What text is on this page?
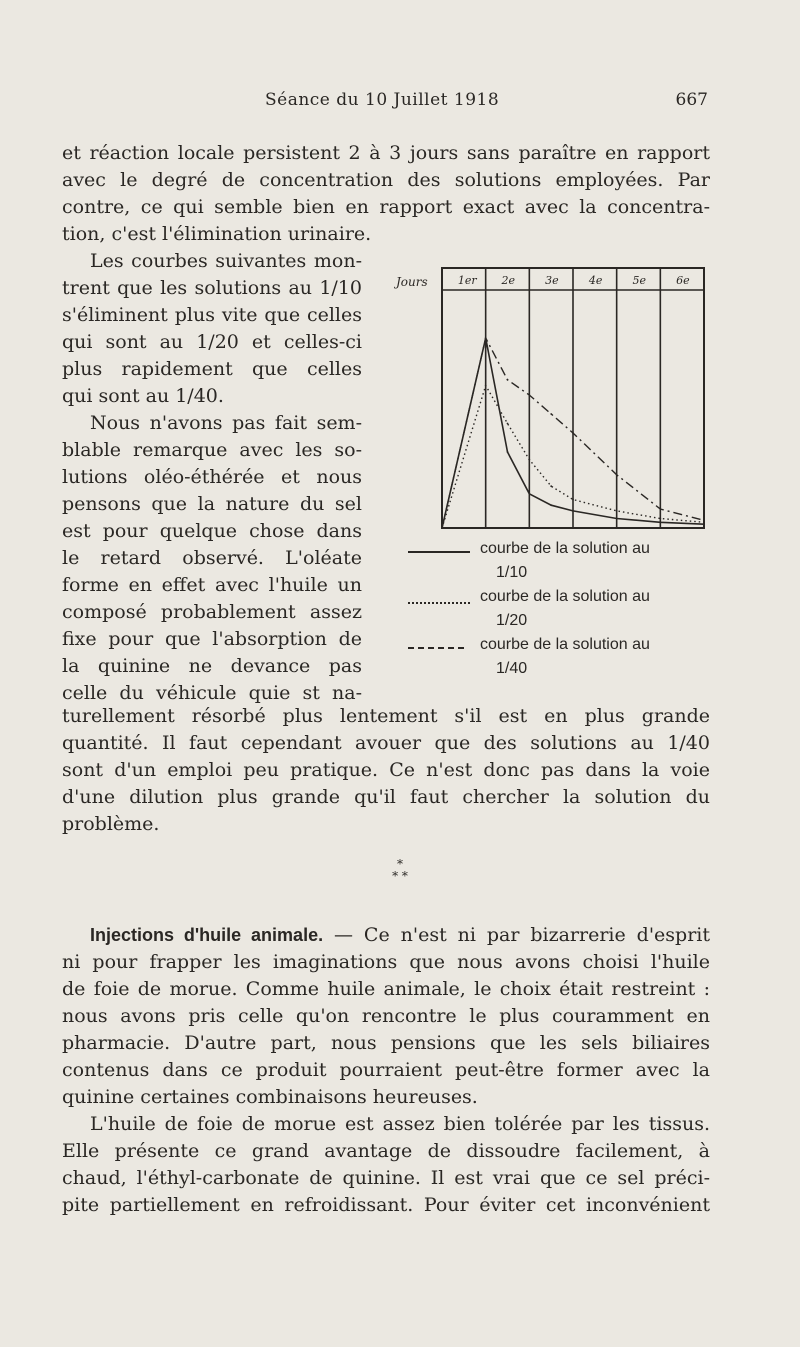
Séance du 10 Juillet 1918	667
et réaction locale persistent 2 à 3 jours sans paraître en rapport
avec le degré de concentration des solutions employées. Par
contre, ce qui semble bien en rapport exact avec la concentra-
tion, c'est l'élimination urinaire.
Les courbes suivantes mon-
trent que les solutions au 1/10
s'éliminent plus vite que celles
qui sont au 1/20 et celles-ci
plus rapidement que celles
qui sont au 1/40.
Nous n'avons pas fait sem-
blable remarque avec les so-
lutions oléo-éthérée et nous
pensons que la nature du sel
est pour quelque chose dans
le retard observé. L'oléate
forme en effet avec l'huile un
composé probablement assez
fixe pour que l'absorption de
la quinine ne devance pas
celle du véhicule quie st na-
1er 2e	3e	4e	5e	6e
Jours
courbe de la solution au
1/10
courbe de la solution au
1/20
courbe de la solution au
1/40
turellement résorbé plus lentement s'il est en plus grande
quantité. Il faut cependant avouer que des solutions au 1/40
sont d'un emploi peu pratique. Ce n'est donc pas dans la voie
d'une dilution plus grande qu'il faut chercher la solution du
problème.
*
* *
Injections d'huile animale. — Ce n'est ni par bizarrerie d'esprit
ni pour frapper les imaginations que nous avons choisi l'huile
de foie de morue. Comme huile animale, le choix était restreint :
nous avons pris celle qu'on rencontre le plus couramment en
pharmacie. D'autre part, nous pensions que les sels biliaires
contenus dans ce produit pourraient peut-être former avec la
quinine certaines combinaisons heureuses.
L'huile de foie de morue est assez bien tolérée par les tissus.
Elle présente ce grand avantage de dissoudre facilement, à
chaud, l'éthyl-carbonate de quinine. Il est vrai que ce sel préci-
pite partiellement en refroidissant. Pour éviter cet inconvénient
